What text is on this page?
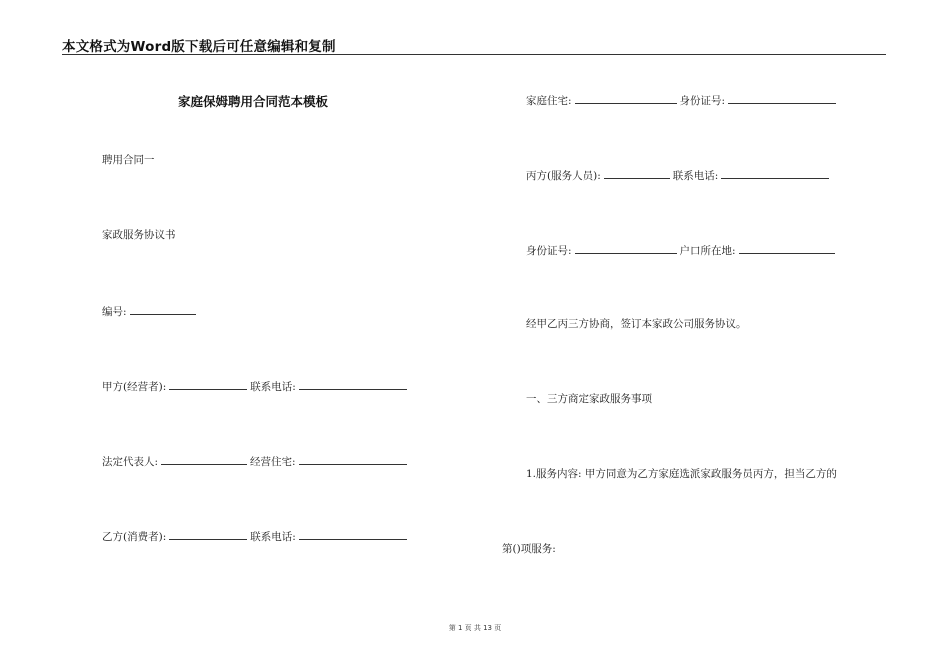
本文格式为Word版下载后可任意编辑和复制
家庭保姆聘用合同范本模板
聘用合同一
家政服务协议书
编号:
甲方(经营者):	联系电话:
法定代表人:	经营住宅:
乙方(消费者):	联系电话:
家庭住宅:	身份证号:
丙方(服务人员):	联系电话:
身份证号:	户口所在地:
经甲乙丙三方协商，签订本家政公司服务协议。
一、三方商定家政服务事项
1.服务内容: 甲方同意为乙方家庭选派家政服务员丙方，担当乙方的
第()项服务:
第 1 页 共 13 页
